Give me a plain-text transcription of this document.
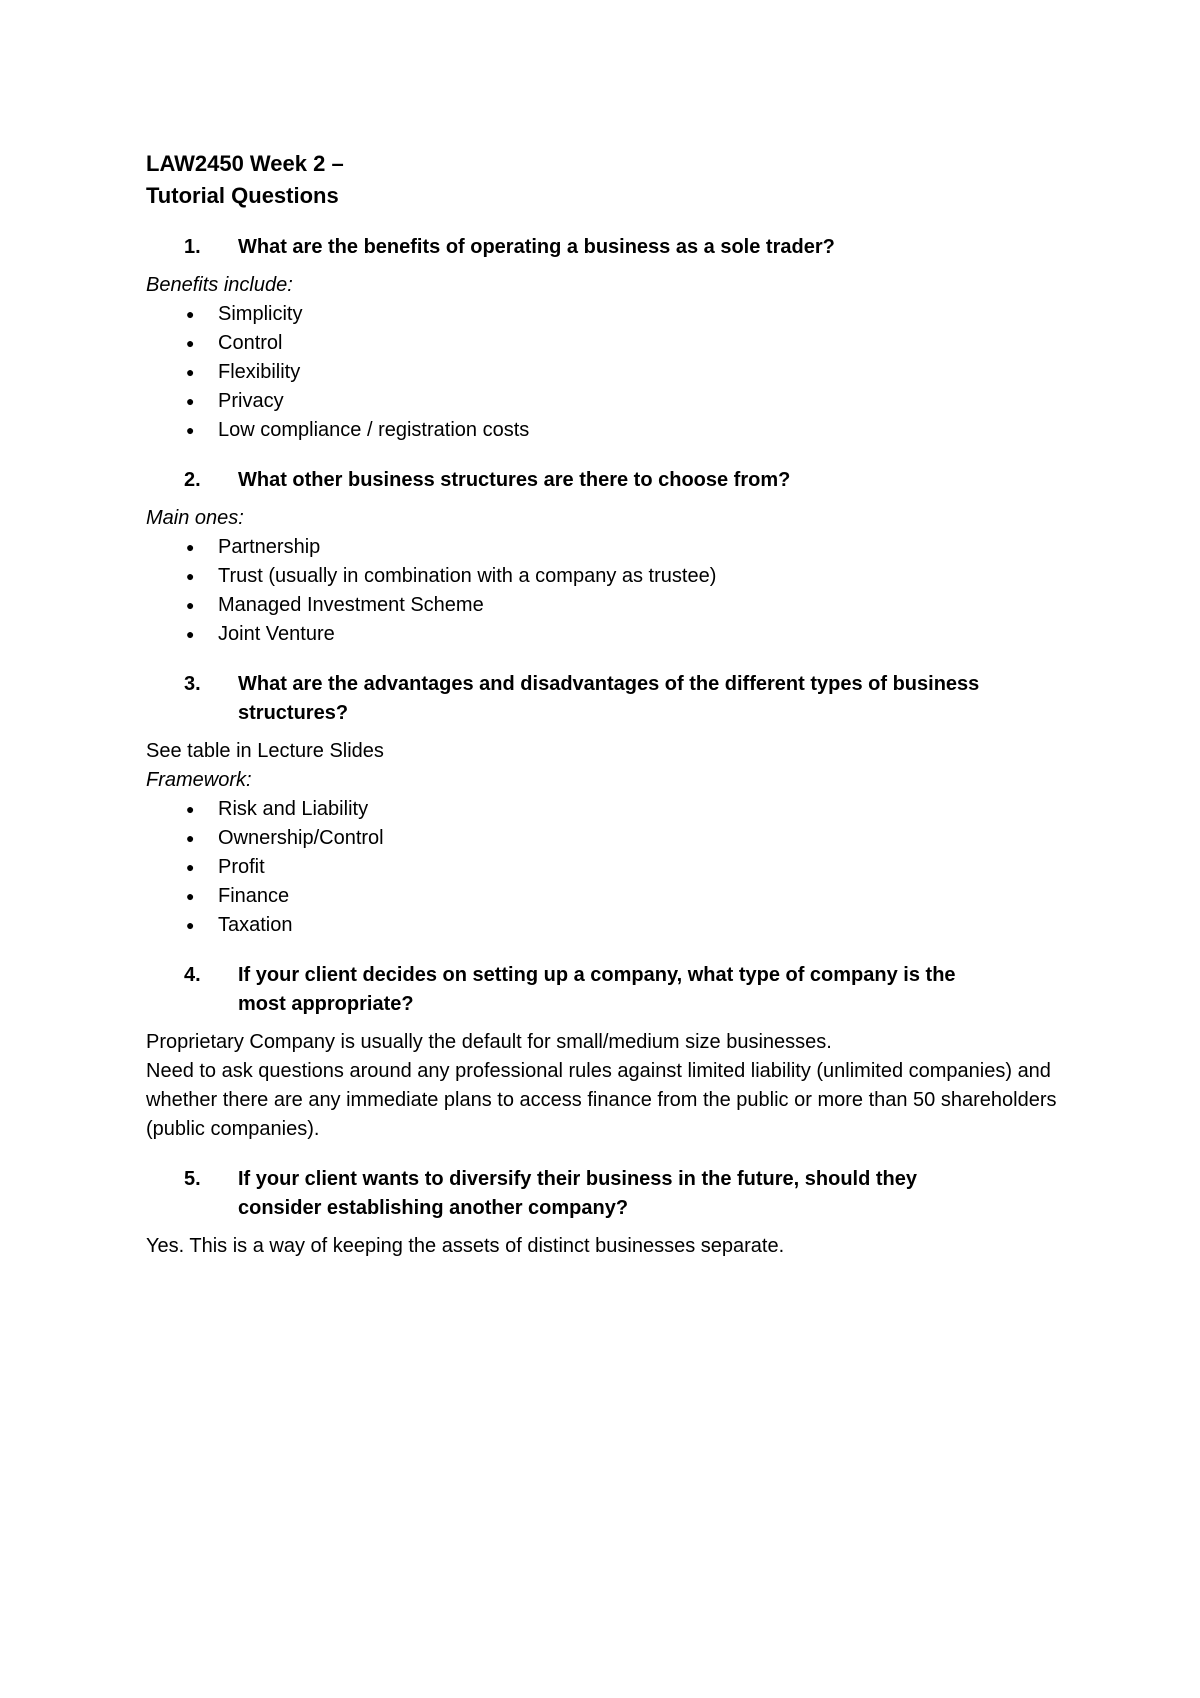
LAW2450 Week 2 –

Tutorial Questions

1.	What are the benefits of operating a business as a sole trader?

Benefits include:

●	Simplicity
●	Control
●	Flexibility
●	Privacy
●	Low compliance / registration costs
2.	What other business structures are there to choose from?

Main ones:

●	Partnership
●	Trust (usually in combination with a company as trustee)
●	Managed Investment Scheme
●	Joint Venture
3.	What are the advantages and disadvantages of the different types of business structures?

See table in Lecture Slides

Framework:

●	Risk and Liability
●	Ownership/Control
●	Profit
●	Finance
●	Taxation
4.	If your client decides on setting up a company, what type of company is the most appropriate?

Proprietary Company is usually the default for small/medium size businesses.

Need to ask questions around any professional rules against limited liability (unlimited companies) and whether there are any immediate plans to access finance from the public or more than 50 shareholders (public companies).

5.	If your client wants to diversify their business in the future, should they consider establishing another company?

Yes. This is a way of keeping the assets of distinct businesses separate.
